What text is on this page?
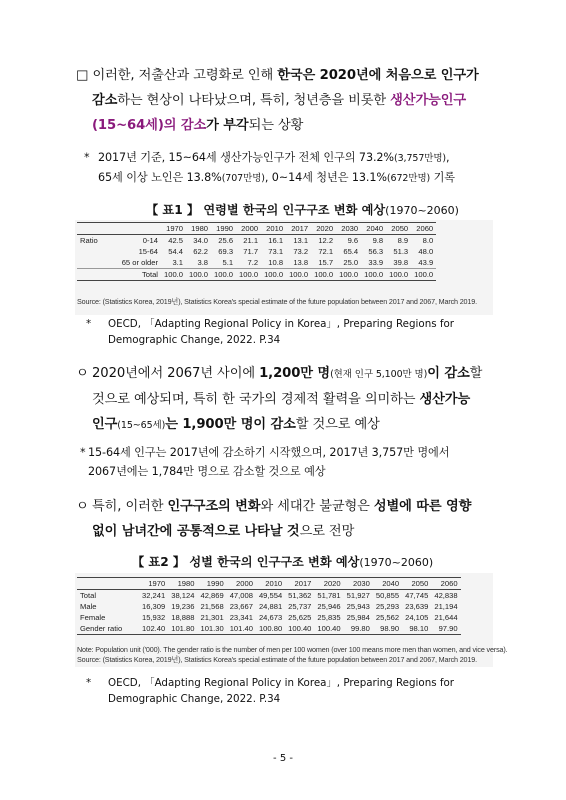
□ 이러한, 저출산과 고령화로 인해 한국은 2020년에 처음으로 인구가
감소하는 현상이 나타났으며, 특히, 청년층을 비롯한 생산가능인구
(15~64세)의 감소가 부각되는 상황
* 2017년 기준, 15~64세 생산가능인구가 전체 인구의 73.2%(3,757만명),
65세 이상 노인은 13.8%(707만명), 0~14세 청년은 13.1%(672만명) 기록
【 표1 】 연령별 한국의 인구구조 변화 예상(1970~2060)
		1970	1980	1990	2000	2010	2017	2020	2030	2040	2050	2060
Ratio	0-14	42.5	34.0	25.6	21.1	16.1	13.1	12.2	9.6	9.8	8.9	8.0
	15-64	54.4	62.2	69.3	71.7	73.1	73.2	72.1	65.4	56.3	51.3	48.0
	65 or older	3.1	3.8	5.1	7.2	10.8	13.8	15.7	25.0	33.9	39.8	43.9
	Total	100.0	100.0	100.0	100.0	100.0	100.0	100.0	100.0	100.0	100.0	100.0
Source: (Statistics Korea, 2019년), Statistics Korea's special estimate of the future population between 2017 and 2067, March 2019.
* OECD, 「Adapting Regional Policy in Korea」, Preparing Regions for
Demographic Change, 2022. P.34
ㅇ 2020년에서 2067년 사이에 1,200만 명(현재 인구 5,100만 명)이 감소할
것으로 예상되며, 특히 한 국가의 경제적 활력을 의미하는 생산가능
인구(15~65세)는 1,900만 명이 감소할 것으로 예상
* 15-64세 인구는 2017년에 감소하기 시작했으며, 2017년 3,757만 명에서
2067년에는 1,784만 명으로 감소할 것으로 예상
ㅇ 특히, 이러한 인구구조의 변화와 세대간 불균형은 성별에 따른 영향
없이 남녀간에 공통적으로 나타날 것으로 전망
【 표2 】 성별 한국의 인구구조 변화 예상(1970~2060)
	1970	1980	1990	2000	2010	2017	2020	2030	2040	2050	2060
Total	32,241	38,124	42,869	47,008	49,554	51,362	51,781	51,927	50,855	47,745	42,838
Male	16,309	19,236	21,568	23,667	24,881	25,737	25,946	25,943	25,293	23,639	21,194
Female	15,932	18,888	21,301	23,341	24,673	25,625	25,835	25,984	25,562	24,105	21,644
Gender ratio	102.40	101.80	101.30	101.40	100.80	100.40	100.40	99.80	98.90	98.10	97.90
Note: Population unit ('000). The gender ratio is the number of men per 100 women (over 100 means more men than women, and vice versa).
Source: (Statistics Korea, 2019년), Statistics Korea's special estimate of the future population between 2017 and 2067, March 2019.
* OECD, 「Adapting Regional Policy in Korea」, Preparing Regions for
Demographic Change, 2022. P.34
- 5 -
